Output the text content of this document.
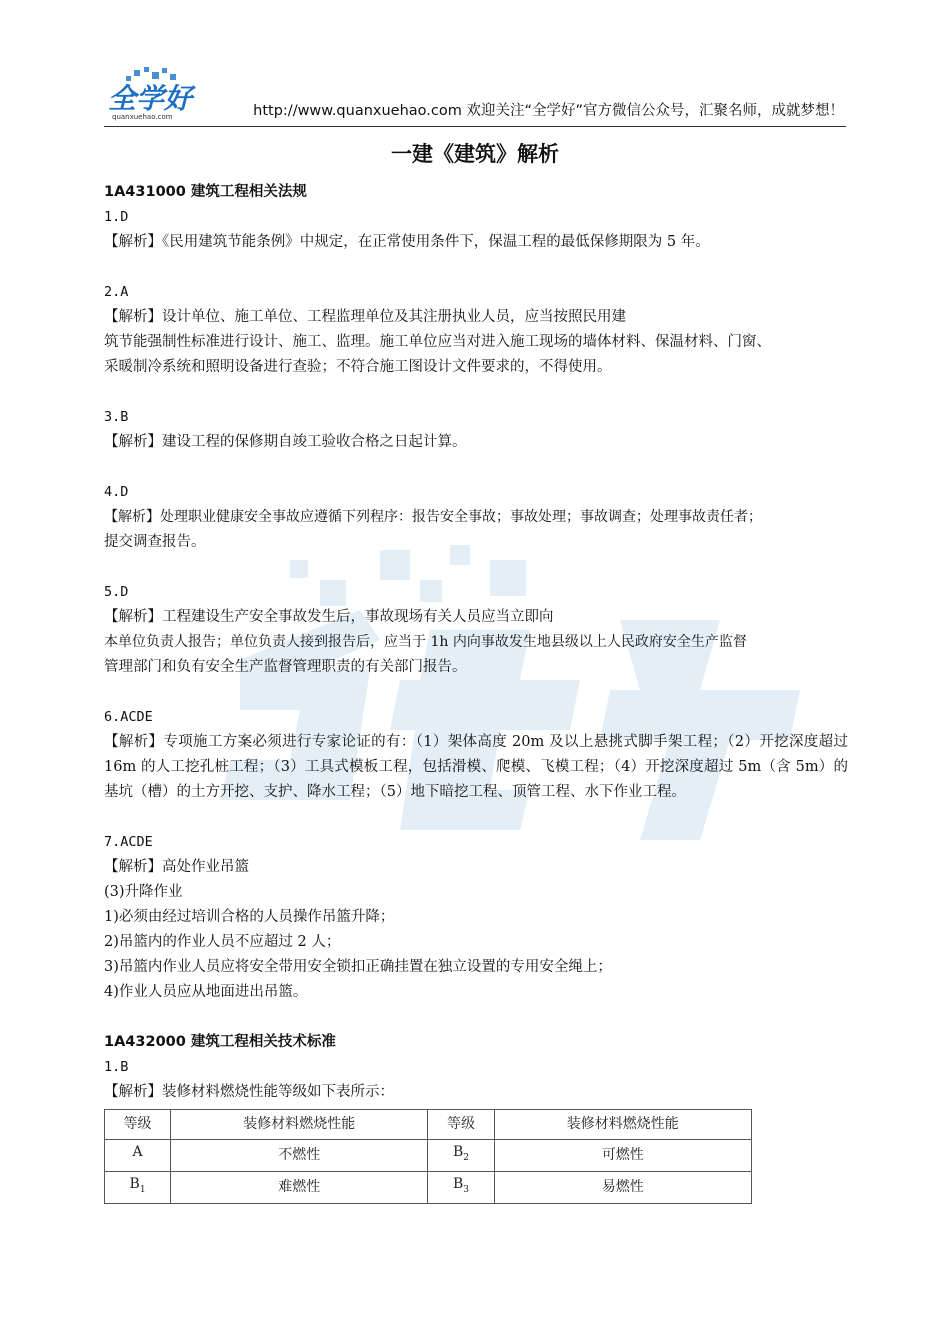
全学好
quanxuehao.com	http://www.quanxuehao.com 欢迎关注“全学好”官方微信公众号，汇聚名师，成就梦想！
一建《建筑》解析
1A431000 建筑工程相关法规
1.D
【解析】《民用建筑节能条例》中规定，在正常使用条件下，保温工程的最低保修期限为 5 年。
2.A
【解析】设计单位、施工单位、工程监理单位及其注册执业人员，应当按照民用建
筑节能强制性标准进行设计、施工、监理。施工单位应当对进入施工现场的墙体材料、保温材料、门窗、
采暖制冷系统和照明设备进行查验；不符合施工图设计文件要求的，不得使用。
3.B
【解析】建设工程的保修期自竣工验收合格之日起计算。
4.D
【解析】处理职业健康安全事故应遵循下列程序：报告安全事故；事故处理；事故调查；处理事故责任者；
提交调查报告。
5.D
【解析】工程建设生产安全事故发生后，事故现场有关人员应当立即向
本单位负责人报告；单位负责人接到报告后，应当于 1h 内向事故发生地县级以上人民政府安全生产监督
管理部门和负有安全生产监督管理职责的有关部门报告。
6.ACDE
【解析】专项施工方案必须进行专家论证的有：（1）架体高度 20m 及以上悬挑式脚手架工程；（2）开挖深度超过 16m 的人工挖孔桩工程；（3）工具式模板工程，包括滑模、爬模、飞模工程；（4）开挖深度超过 5m（含 5m）的基坑（槽）的土方开挖、支护、降水工程；（5）地下暗挖工程、顶管工程、水下作业工程。
7.ACDE
【解析】高处作业吊篮
(3)升降作业
1)必须由经过培训合格的人员操作吊篮升降；
2)吊篮内的作业人员不应超过 2 人；
3)吊篮内作业人员应将安全带用安全锁扣正确挂置在独立设置的专用安全绳上；
4)作业人员应从地面进出吊篮。
1A432000 建筑工程相关技术标准
1.B
【解析】装修材料燃烧性能等级如下表所示：
等级	装修材料燃烧性能	等级	装修材料燃烧性能
A	不燃性	$B_2$	可燃性
$B_1$	难燃性	$B_3$	易燃性
